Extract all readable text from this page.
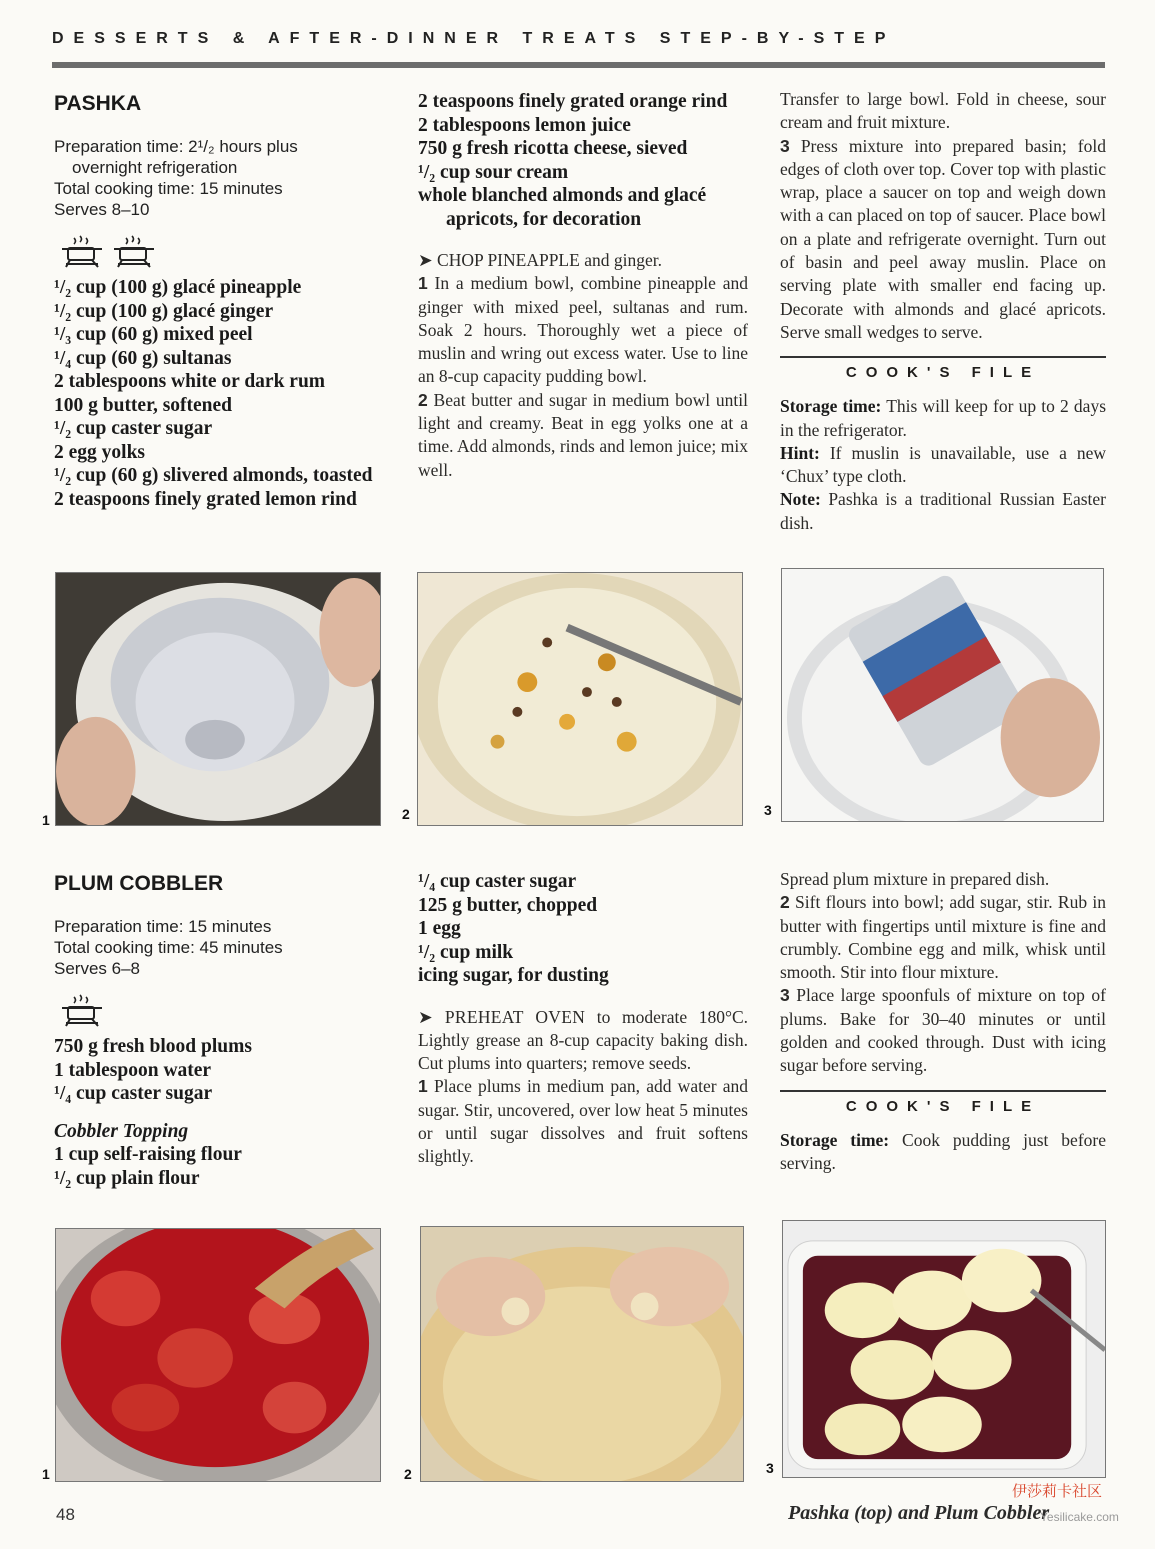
DESSERTS & AFTER-DINNER TREATS STEP-BY-STEP
PASHKA
Preparation time: 2¹/₂ hours plus
overnight refrigeration
Total cooking time: 15 minutes
Serves 8–10
¹/₂ cup (100 g) glacé pineapple
¹/₂ cup (100 g) glacé ginger
¹/₃ cup (60 g) mixed peel
¹/₄ cup (60 g) sultanas
2 tablespoons white or dark rum
100 g butter, softened
¹/₂ cup caster sugar
2 egg yolks
¹/₂ cup (60 g) slivered almonds, toasted
2 teaspoons finely grated lemon rind
2 teaspoons finely grated orange rind
2 tablespoons lemon juice
750 g fresh ricotta cheese, sieved
¹/₂ cup sour cream
whole blanched almonds and glacé apricots, for decoration
➤ CHOP PINEAPPLE and ginger.
1 In a medium bowl, combine pineapple and ginger with mixed peel, sultanas and rum. Soak 2 hours. Thoroughly wet a piece of muslin and wring out excess water. Use to line an 8-cup capacity pudding bowl.
2 Beat butter and sugar in medium bowl until light and creamy. Beat in egg yolks one at a time. Add almonds, rinds and lemon juice; mix well.
Transfer to large bowl. Fold in cheese, sour cream and fruit mixture.
3 Press mixture into prepared basin; fold edges of cloth over top. Cover top with plastic wrap, place a saucer on top and weigh down with a can placed on top of saucer. Place bowl on a plate and refrigerate overnight. Turn out of basin and peel away muslin. Place on serving plate with smaller end facing up. Decorate with almonds and glacé apricots. Serve small wedges to serve.
COOK'S FILE
Storage time: This will keep for up to 2 days in the refrigerator.
Hint: If muslin is unavailable, use a new ‘Chux’ type cloth.
Note: Pashka is a traditional Russian Easter dish.
1	2	3
PLUM COBBLER
Preparation time: 15 minutes
Total cooking time: 45 minutes
Serves 6–8
750 g fresh blood plums
1 tablespoon water
¹/₄ cup caster sugar
Cobbler Topping
1 cup self-raising flour
¹/₂ cup plain flour
¹/₄ cup caster sugar
125 g butter, chopped
1 egg
¹/₂ cup milk
icing sugar, for dusting
➤ PREHEAT OVEN to moderate 180°C. Lightly grease an 8-cup capacity baking dish. Cut plums into quarters; remove seeds.
1 Place plums in medium pan, add water and sugar. Stir, uncovered, over low heat 5 minutes or until sugar dissolves and fruit softens slightly.
Spread plum mixture in prepared dish.
2 Sift flours into bowl; add sugar, stir. Rub in butter with fingertips until mixture is fine and crumbly. Combine egg and milk, whisk until smooth. Stir into flour mixture.
3 Place large spoonfuls of mixture on top of plums. Bake for 30–40 minutes or until golden and cooked through. Dust with icing sugar before serving.
COOK'S FILE
Storage time: Cook pudding just before serving.
1	2	3
48	Pashka (top) and Plum Cobbler
伊莎莉卡社区
Yesilicake.com
